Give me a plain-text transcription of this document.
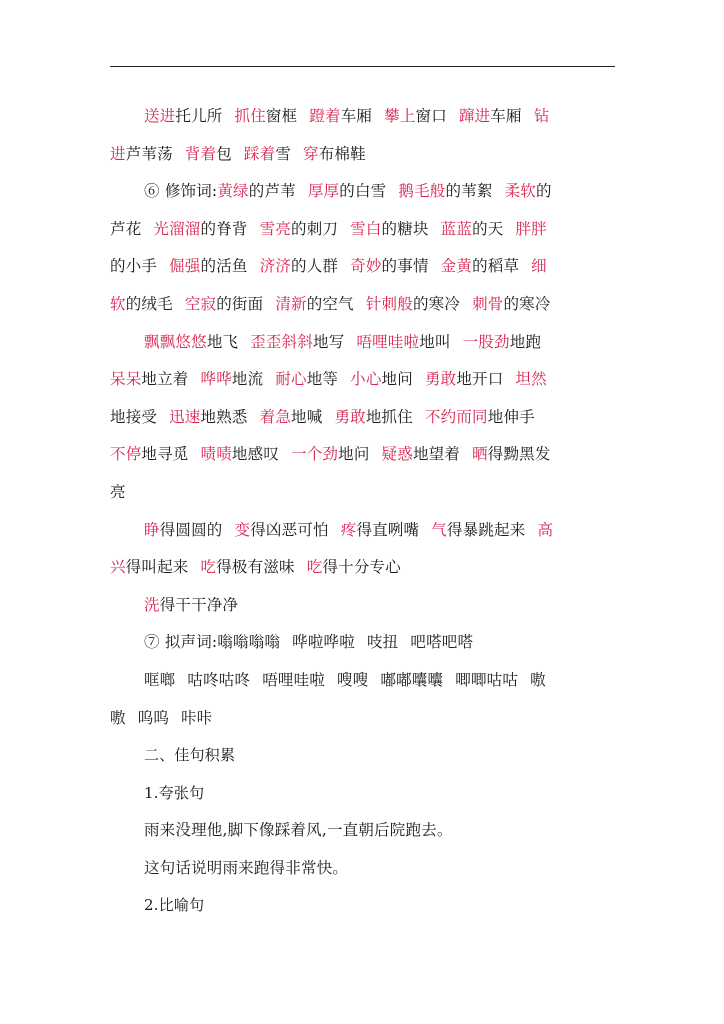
送进托儿所 抓住窗框 蹬着车厢 攀上窗口 蹿进车厢 钻
进芦苇荡 背着包 踩着雪 穿布棉鞋
⑥ 修饰词:黄绿的芦苇 厚厚的白雪 鹅毛般的苇絮 柔软的
芦花 光溜溜的脊背 雪亮的刺刀 雪白的糖块 蓝蓝的天 胖胖
的小手 倔强的活鱼 济济的人群 奇妙的事情 金黄的稻草 细
软的绒毛 空寂的街面 清新的空气 针刺般的寒冷 刺骨的寒冷
飘飘悠悠地飞 歪歪斜斜地写 唔哩哇啦地叫 一股劲地跑
呆呆地立着 哗哗地流 耐心地等 小心地问 勇敢地开口 坦然
地接受 迅速地熟悉 着急地喊 勇敢地抓住 不约而同地伸手
不停地寻觅 啧啧地感叹 一个劲地问 疑惑地望着 晒得黝黑发
亮
睁得圆圆的 变得凶恶可怕 疼得直咧嘴 气得暴跳起来 高
兴得叫起来 吃得极有滋味 吃得十分专心
洗得干干净净
⑦ 拟声词:嗡嗡嗡嗡 哗啦哗啦 吱扭 吧嗒吧嗒
哐啷 咕咚咕咚 唔哩哇啦 嗖嗖 嘟嘟囔囔 唧唧咕咕 嗷
嗷 呜呜 咔咔
二、佳句积累
1.夸张句
雨来没理他,脚下像踩着风,一直朝后院跑去。
这句话说明雨来跑得非常快。
2.比喻句
